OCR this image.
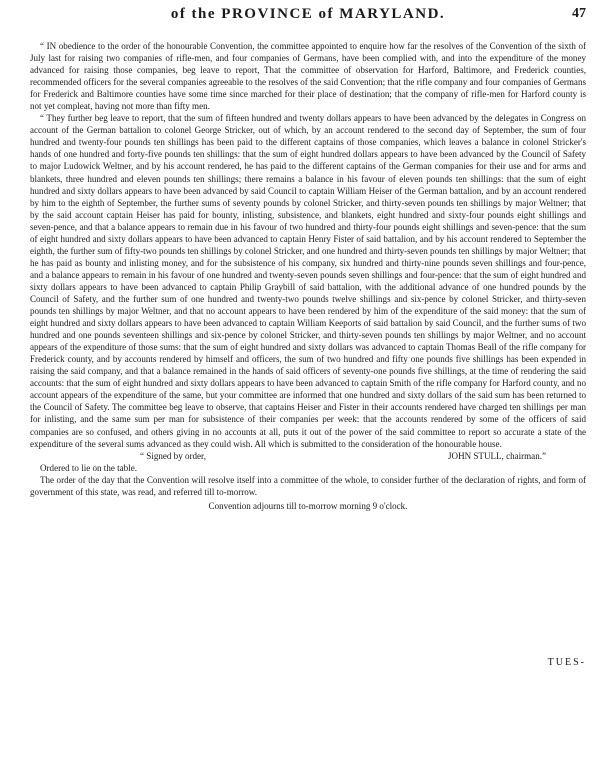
of the PROVINCE of MARYLAND.	47

“ IN obedience to the order of the honourable Convention, the committee appointed to enquire how far the resolves of the Convention of the sixth of July last for raising two companies of rifle-men, and four companies of Germans, have been complied with, and into the expenditure of the money advanced for raising those companies, beg leave to report, That the committee of observation for Harford, Baltimore, and Frederick counties, recommended officers for the several companies agreeable to the resolves of the said Convention; that the rifle company and four companies of Germans for Frederick and Baltimore counties have some time since marched for their place of destination; that the company of rifle-men for Harford county is not yet compleat, having not more than fifty men.

“ They further beg leave to report, that the sum of fifteen hundred and twenty dollars appears to have been advanced by the delegates in Congress on account of the German battalion to colonel George Stricker, out of which, by an account rendered to the second day of September, the sum of four hundred and twenty-four pounds ten shillings has been paid to the different captains of those companies, which leaves a balance in colonel Stricker's hands of one hundred and forty-five pounds ten shillings: that the sum of eight hundred dollars appears to have been advanced by the Council of Safety to major Ludowick Weltner, and by his account rendered, he has paid to the different captains of the German companies for their use and for arms and blankets, three hundred and eleven pounds ten shillings; there remains a balance in his favour of eleven pounds ten shillings: that the sum of eight hundred and sixty dollars appears to have been advanced by said Council to captain William Heiser of the German battalion, and by an account rendered by him to the eighth of September, the further sums of seventy pounds by colonel Stricker, and thirty-seven pounds ten shillings by major Weltner; that by the said account captain Heiser has paid for bounty, inlisting, subsistence, and blankets, eight hundred and sixty-four pounds eight shillings and seven-pence, and that a balance appears to remain due in his favour of two hundred and thirty-four pounds eight shillings and seven-pence: that the sum of eight hundred and sixty dollars appears to have been advanced to captain Henry Fister of said battalion, and by his account rendered to September the eighth, the further sum of fifty-two pounds ten shillings by colonel Stricker, and one hundred and thirty-seven pounds ten shillings by major Weltner; that he has paid as bounty and inlisting money, and for the subsistence of his company, six hundred and thirty-nine pounds seven shillings and four-pence, and a balance appears to remain in his favour of one hundred and twenty-seven pounds seven shillings and four-pence: that the sum of eight hundred and sixty dollars appears to have been advanced to captain Philip Graybill of said battalion, with the additional advance of one hundred pounds by the Council of Safety, and the further sum of one hundred and twenty-two pounds twelve shillings and six-pence by colonel Stricker, and thirty-seven pounds ten shillings by major Weltner, and that no account appears to have been rendered by him of the expenditure of the said money: that the sum of eight hundred and sixty dollars appears to have been advanced to captain William Keeports of said battalion by said Council, and the further sums of two hundred and one pounds seventeen shillings and six-pence by colonel Stricker, and thirty-seven pounds ten shillings by major Weltner, and no account appears of the expenditure of those sums: that the sum of eight hundred and sixty dollars was advanced to captain Thomas Beall of the rifle company for Frederick county, and by accounts rendered by himself and officers, the sum of two hundred and fifty one pounds five shillings has been expended in raising the said company, and that a balance remained in the hands of said officers of seventy-one pounds five shillings, at the time of rendering the said accounts: that the sum of eight hundred and sixty dollars appears to have been advanced to captain Smith of the rifle company for Harford county, and no account appears of the expenditure of the same, but your committee are informed that one hundred and sixty dollars of the said sum has been returned to the Council of Safety. The committee beg leave to observe, that captains Heiser and Fister in their accounts rendered have charged ten shillings per man for inlisting, and the same sum per man for subsistence of their companies per week: that the accounts rendered by some of the officers of said companies are so confused, and others giving in no accounts at all, puts it out of the power of the said committee to report so accurate a state of the expenditure of the several sums advanced as they could wish. All which is submitted to the consideration of the honourable house.

“ Signed by order,	JOHN STULL, chairman.”

Ordered to lie on the table.

The order of the day that the Convention will resolve itself into a committee of the whole, to consider further of the declaration of rights, and form of government of this state, was read, and referred till to-morrow.

Convention adjourns till to-morrow morning 9 o'clock.
TUES-
